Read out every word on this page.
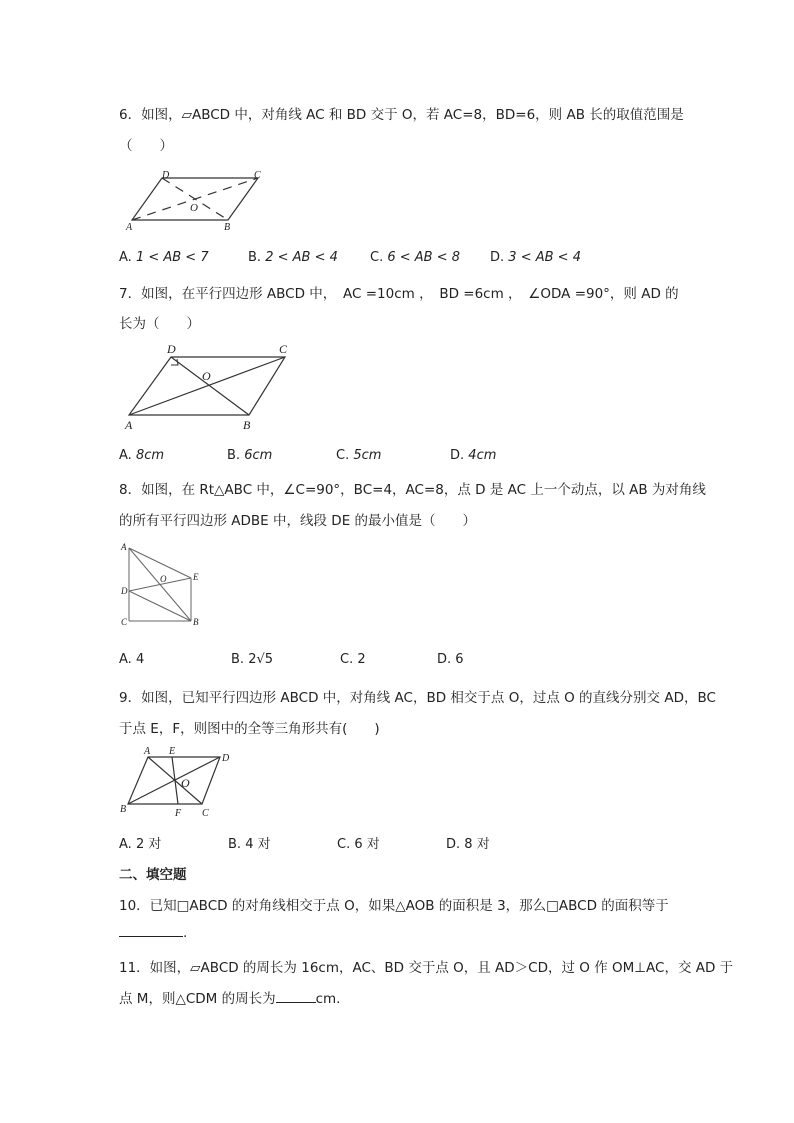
6．如图，▱ABCD 中，对角线 AC 和 BD 交于 O，若 AC=8，BD=6，则 AB 长的取值范围是
（　　）
D	C
A	B
O
A. 1 < AB < 7	B. 2 < AB < 4 C. 6 < AB < 8 D. 3 < AB < 4
7．如图，在平行四边形 ABCD 中，　AC =10cm ，　BD =6cm ，　∠ODA =90°，则 AD 的
长为（　　）
D	C
A	B
O
A. 8cm	B. 6cm	C. 5cm	D. 4cm
8．如图，在 Rt△ABC 中，∠C=90°，BC=4，AC=8，点 D 是 AC 上一个动点，以 AB 为对角线
的所有平行四边形 ADBE 中，线段 DE 的最小值是（　　）
A
D
C	B
E
O
A. 4	B. 2√5	C. 2	D. 6
9．如图，已知平行四边形 ABCD 中，对角线 AC，BD 相交于点 O，过点 O 的直线分别交 AD，BC
于点 E，F，则图中的全等三角形共有(　　)
A E
D
B	F C
O
A. 2 对	B. 4 对	C. 6 对	D. 8 对
二、填空题
10．已知□ABCD 的对角线相交于点 O，如果△AOB 的面积是 3，那么□ABCD 的面积等于
.
11．如图，▱ABCD 的周长为 16cm，AC、BD 交于点 O，且 AD＞CD，过 O 作 OM⊥AC，交 AD 于
点 M，则△CDM 的周长为	cm.
